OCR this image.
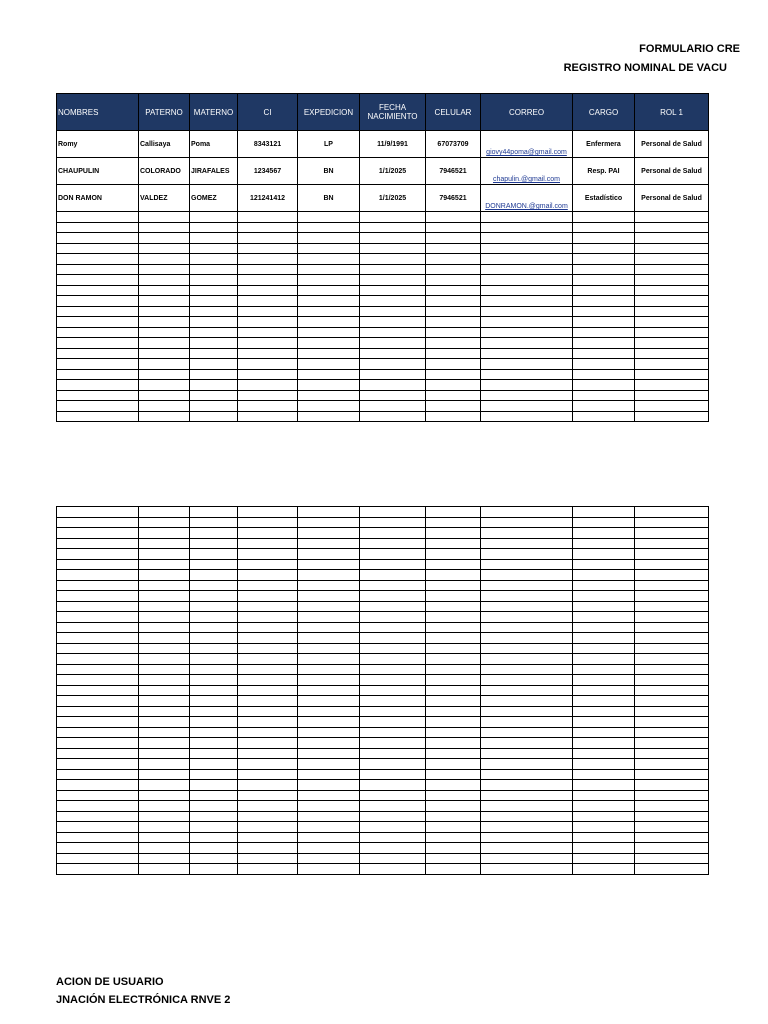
FORMULARIO CRE
REGISTRO NOMINAL DE VACU
NOMBRES	PATERNO	MATERNO	CI	EXPEDICION	FECHA NACIMIENTO	CELULAR	CORREO	CARGO	ROL 1
Romy	Callisaya	Poma	8343121	LP	11/9/1991	67073709	giovy44poma@gmail.com	Enfermera	Personal de Salud
CHAUPULIN	COLORADO	JIRAFALES	1234567	BN	1/1/2025	7946521	chapulin.@gmail.com	Resp. PAI	Personal de Salud
DON RAMON	VALDEZ	GOMEZ	121241412	BN	1/1/2025	7946521	DONRAMON.@gmail.com	Estadístico	Personal de Salud

ACION DE USUARIO
JNACIÓN ELECTRÓNICA RNVE 2
